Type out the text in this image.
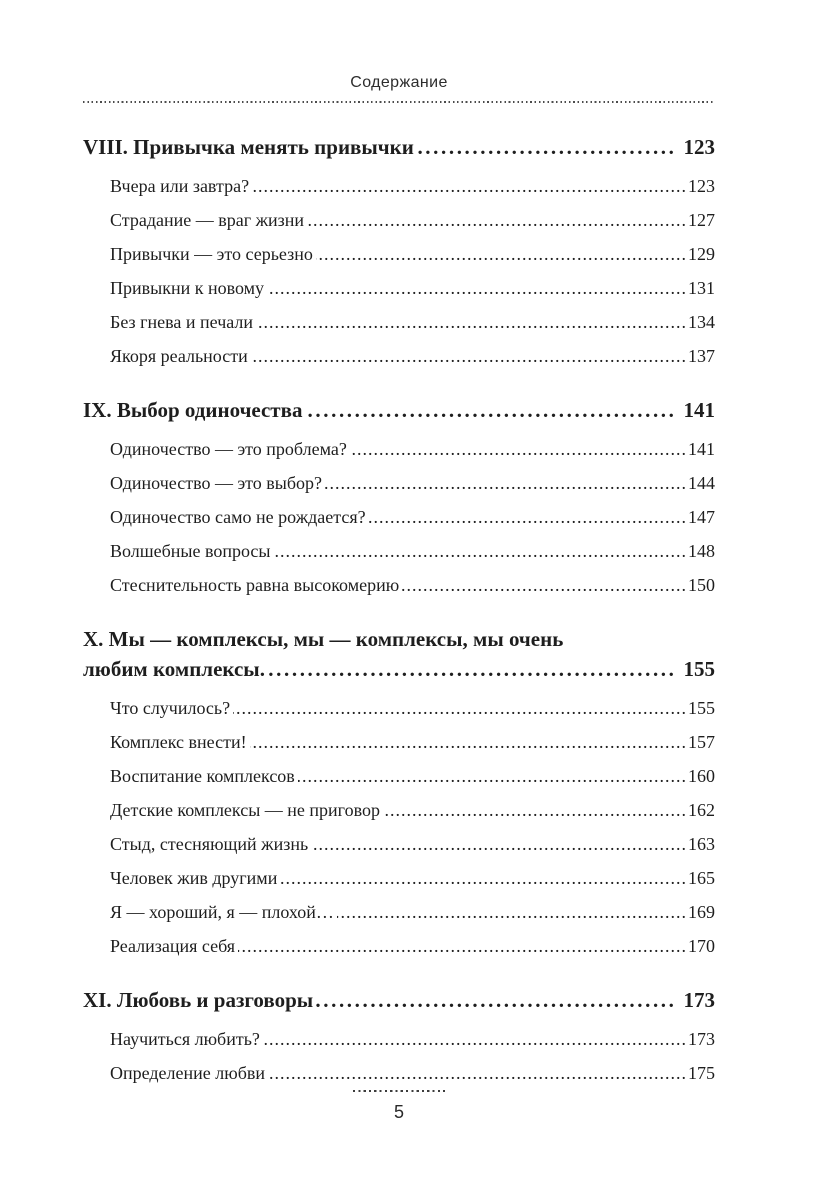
Содержание
VIII. Привычка менять привычки .....	123
Вчера или завтра? .....	123
Страдание — враг жизни .....	127
Привычки — это серьезно .....	129
Привыкни к новому .....	131
Без гнева и печали .....	134
Якоря реальности .....	137
IX. Выбор одиночества .....	141
Одиночество — это проблема? .....	141
Одиночество — это выбор? .....	144
Одиночество само не рождается? .....	147
Волшебные вопросы .....	148
Стеснительность равна высокомерию .....	150
X. Мы — комплексы, мы — комплексы, мы очень
любим комплексы. .....	155
Что случилось? .....	155
Комплекс внести! .....	157
Воспитание комплексов .....	160
Детские комплексы — не приговор .....	162
Стыд, стесняющий жизнь .....	163
Человек жив другими .....	165
Я — хороший, я — плохой… .....	169
Реализация себя .....	170
XI. Любовь и разговоры .....	173
Научиться любить? .....	173
Определение любви .....	175
5
